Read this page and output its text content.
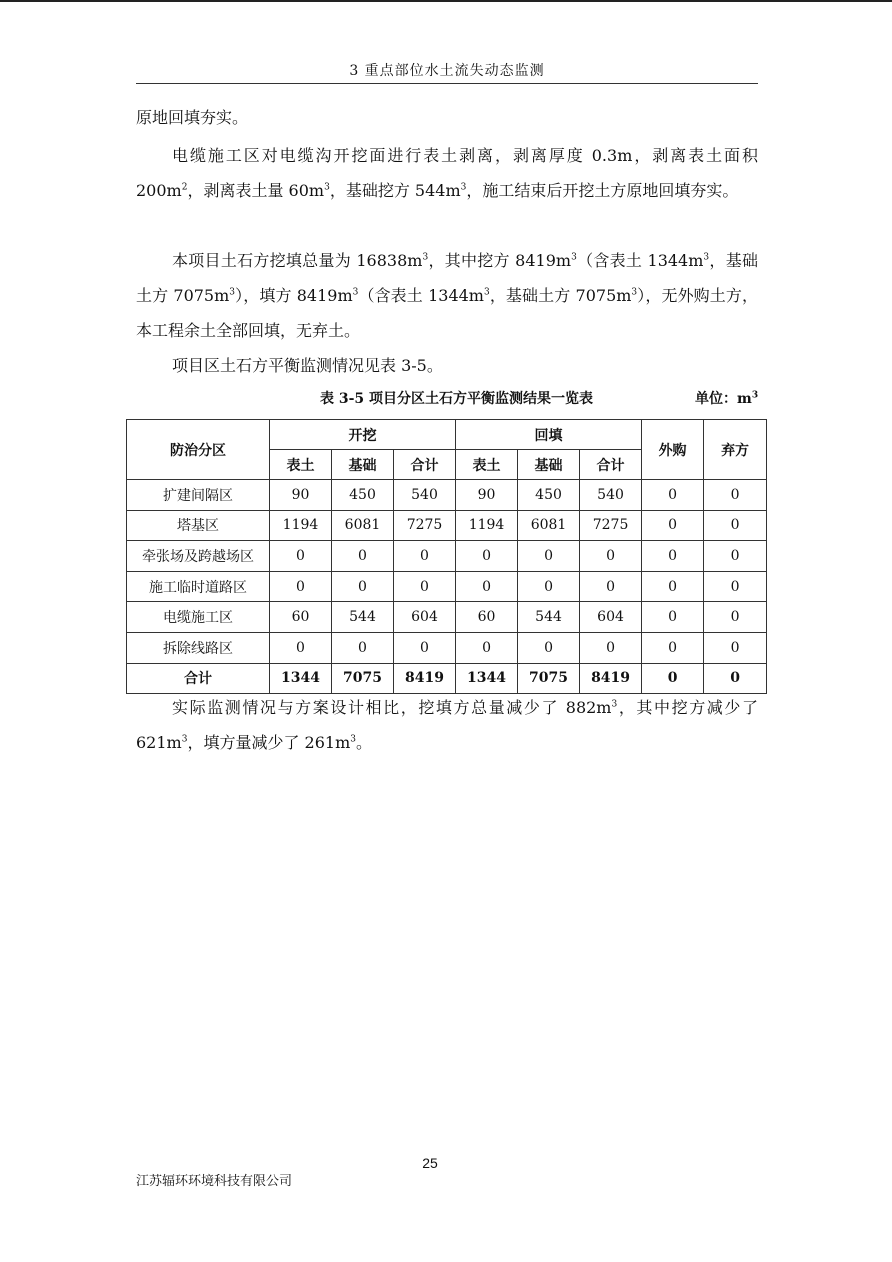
3 重点部位水土流失动态监测

原地回填夯实。

电缆施工区对电缆沟开挖面进行表土剥离，剥离厚度 0.3m，剥离表土面积 $200m^2$，剥离表土量 $60m^3$，基础挖方 $544m^3$，施工结束后开挖土方原地回填夯实。

本项目土石方挖填总量为 $16838m^3$，其中挖方 $8419m^3$（含表土 $1344m^3$，基础土方 $7075m^3$），填方 $8419m^3$（含表土 $1344m^3$，基础土方 $7075m^3$），无外购土方，本工程余土全部回填，无弃土。

项目区土石方平衡监测情况见表 3-5。

表 3-5 项目分区土石方平衡监测结果一览表	单位：$m^3$
防治分区	开挖			回填			外购	弃方
	表土	基础	合计	表土	基础	合计		
扩建间隔区	90	450	540	90	450	540	0	0
塔基区	1194	6081	7275	1194	6081	7275	0	0
牵张场及跨越场区	0	0	0	0	0	0	0	0
施工临时道路区	0	0	0	0	0	0	0	0
电缆施工区	60	544	604	60	544	604	0	0
拆除线路区	0	0	0	0	0	0	0	0
合计	1344	7075	8419	1344	7075	8419	0	0

实际监测情况与方案设计相比，挖填方总量减少了 $882m^3$，其中挖方减少了 $621m^3$，填方量减少了 $261m^3$。

25
江苏辐环环境科技有限公司
